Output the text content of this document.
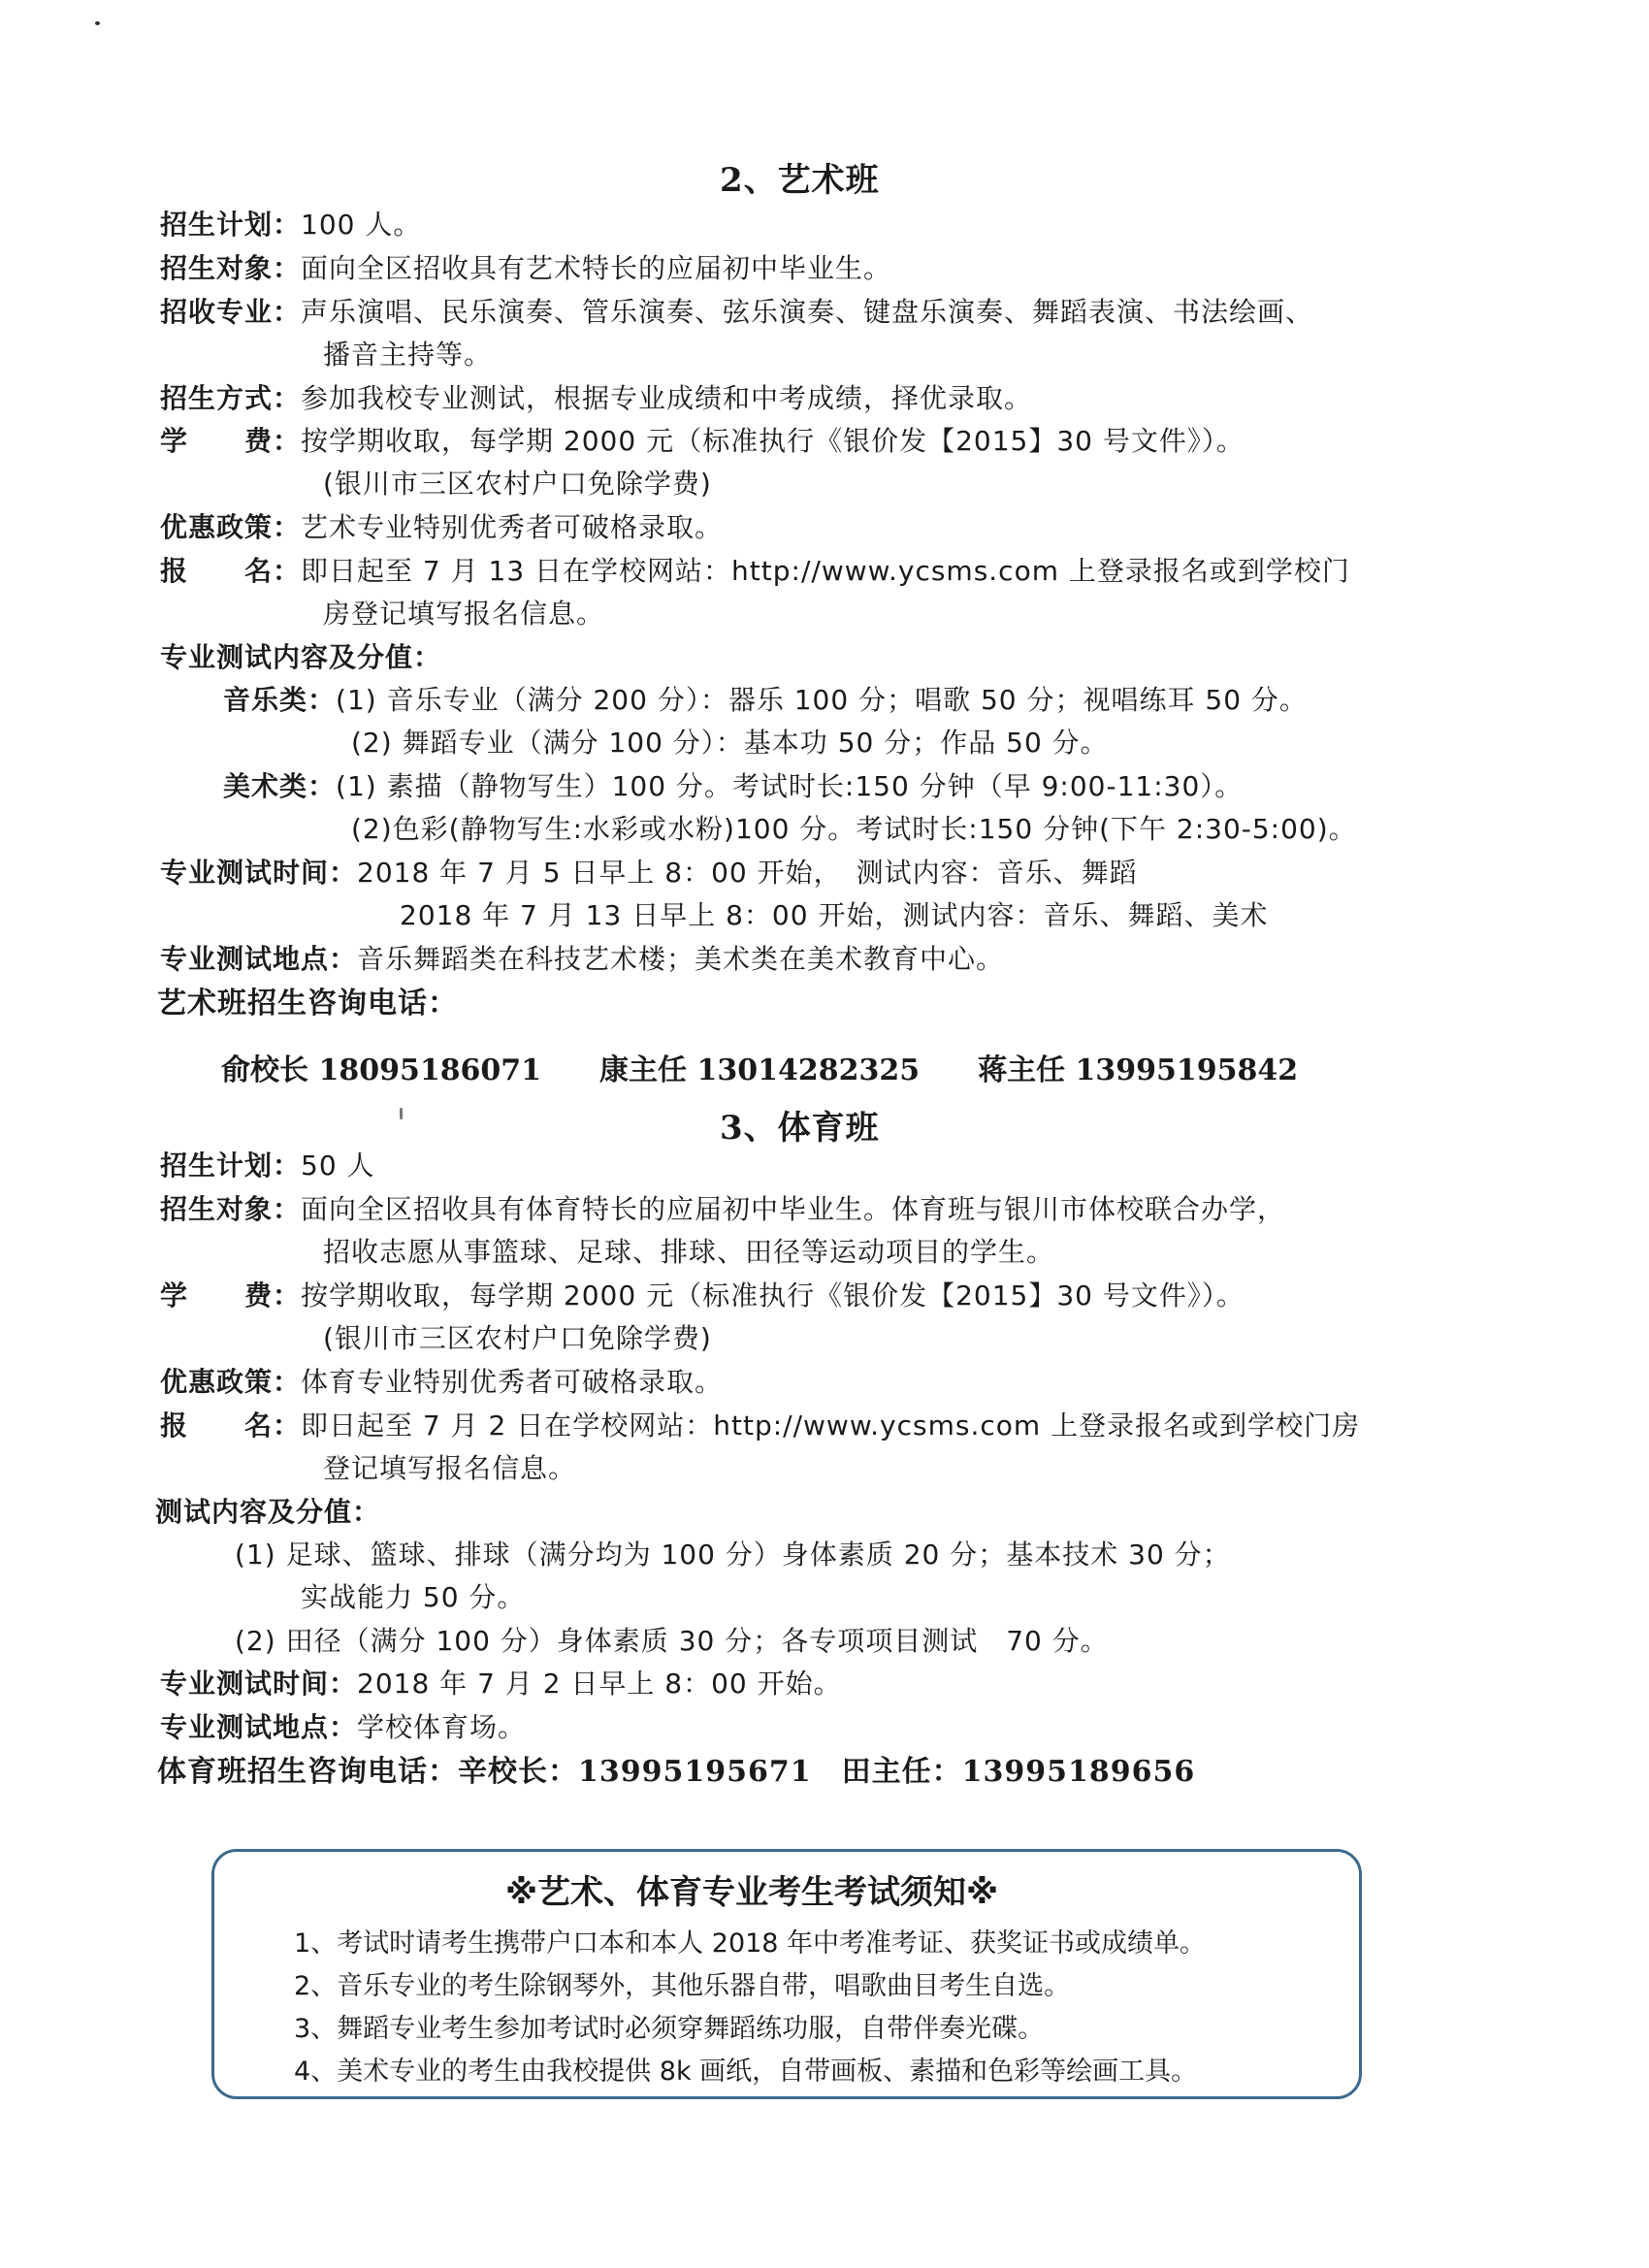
2、艺术班
招生计划：100 人。
招生对象：面向全区招收具有艺术特长的应届初中毕业生。
招收专业：声乐演唱、民乐演奏、管乐演奏、弦乐演奏、键盘乐演奏、舞蹈表演、书法绘画、
播音主持等。
招生方式：参加我校专业测试，根据专业成绩和中考成绩，择优录取。
学　　费：按学期收取，每学期 2000 元（标准执行《银价发【2015】30 号文件》）。
(银川市三区农村户口免除学费)
优惠政策：艺术专业特别优秀者可破格录取。
报　　名：即日起至 7 月 13 日在学校网站：http://www.ycsms.com 上登录报名或到学校门
房登记填写报名信息。
专业测试内容及分值：
音乐类：(1) 音乐专业（满分 200 分）：器乐 100 分；唱歌 50 分；视唱练耳 50 分。
(2) 舞蹈专业（满分 100 分）：基本功 50 分；作品 50 分。
美术类：(1) 素描（静物写生）100 分。考试时长:150 分钟（早 9:00-11:30）。
(2)色彩(静物写生:水彩或水粉)100 分。考试时长:150 分钟(下午 2:30-5:00)。
专业测试时间：2018 年 7 月 5 日早上 8：00 开始，　测试内容：音乐、舞蹈
2018 年 7 月 13 日早上 8：00 开始，测试内容：音乐、舞蹈、美术
专业测试地点：音乐舞蹈类在科技艺术楼；美术类在美术教育中心。
艺术班招生咨询电话：
俞校长 18095186071　　康主任 13014282325　　蒋主任 13995195842
3、体育班
招生计划：50 人
招生对象：面向全区招收具有体育特长的应届初中毕业生。体育班与银川市体校联合办学，
招收志愿从事篮球、足球、排球、田径等运动项目的学生。
学　　费：按学期收取，每学期 2000 元（标准执行《银价发【2015】30 号文件》）。
(银川市三区农村户口免除学费)
优惠政策：体育专业特别优秀者可破格录取。
报　　名：即日起至 7 月 2 日在学校网站：http://www.ycsms.com 上登录报名或到学校门房
登记填写报名信息。
测试内容及分值：
(1) 足球、篮球、排球（满分均为 100 分）身体素质 20 分；基本技术 30 分；
实战能力 50 分。
(2) 田径（满分 100 分）身体素质 30 分；各专项项目测试　70 分。
专业测试时间：2018 年 7 月 2 日早上 8：00 开始。
专业测试地点：学校体育场。
体育班招生咨询电话：辛校长：13995195671　田主任：13995189656
※艺术、体育专业考生考试须知※
1、考试时请考生携带户口本和本人 2018 年中考准考证、获奖证书或成绩单。
2、音乐专业的考生除钢琴外，其他乐器自带，唱歌曲目考生自选。
3、舞蹈专业考生参加考试时必须穿舞蹈练功服，自带伴奏光碟。
4、美术专业的考生由我校提供 8k 画纸，自带画板、素描和色彩等绘画工具。
